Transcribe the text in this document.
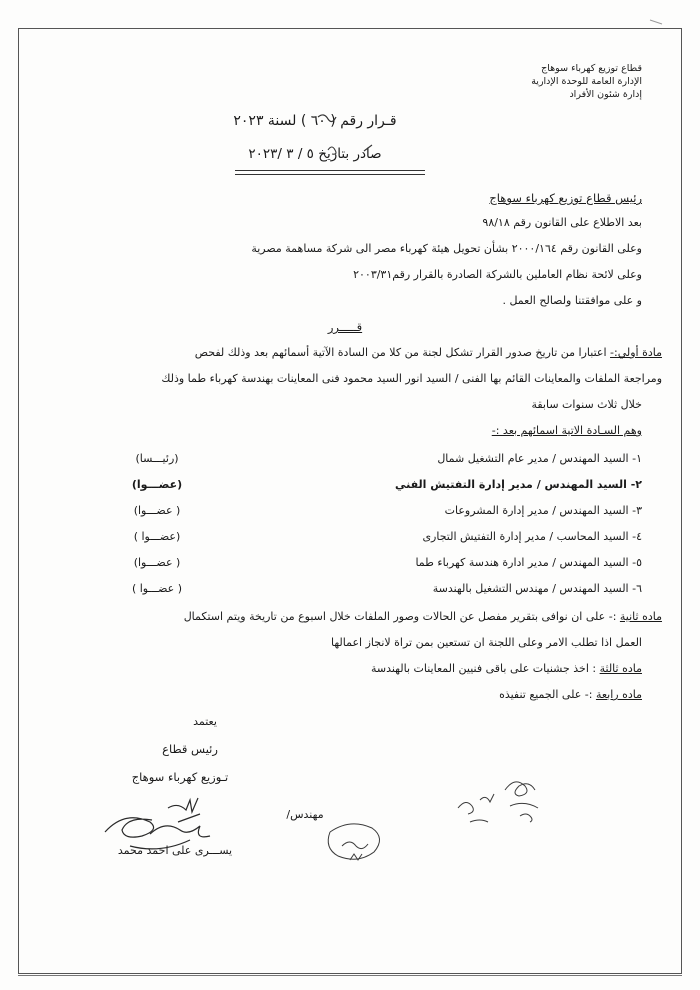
قطاع توزيع كهرباء سوهاج
الإدارة العامة للوحدة الإدارية
إدارة شئون الأفراد
قـرار رقم ( ٦٠ ) لسنة ٢٠٢٣
صادر بتاريخ ٥ / ٣ /٢٠٢٣
رئيس قطاع توزيع كهرباء سوهاج
بعد الاطلاع على القانون رقم ٩٨/١٨
وعلى القانون رقم ٢٠٠٠/١٦٤ بشأن تحويل هيئة كهرباء مصر الى شركة مساهمة مصرية
وعلى لائحة نظام العاملين بالشركة الصادرة بالقرار رقم٢٠٠٣/٣١
و على موافقتنا ولصالح العمل .
قـــــرر
مادة أولي:- اعتبارا من تاريخ صدور القرار تشكل لجنة من كلا من السادة الآتية أسمائهم بعد وذلك لفحص
ومراجعة الملفات والمعاينات القائم بها الفنى / السيد انور السيد محمود فنى المعاينات بهندسة كهرباء طما وذلك
خلال ثلاث سنوات سابقة
وهم السـادة الاتية اسمائهم بعد :-
١- السيد المهندس / مدير عام التشغيل شمال
(رئيـــسا)
٢- السيد المهندس / مدير إدارة التفتيش الفني
(عضـــوا)
٣- السيد المهندس / مدير إدارة المشروعات
( عضـــوا)
٤- السيد المحاسب / مدير إدارة التفتيش التجارى
(عضـــوا )
٥- السيد المهندس / مدير ادارة هندسة كهرباء طما
( عضـــوا)
٦- السيد المهندس / مهندس التشغيل بالهندسة
( عضـــوا )
ماده ثانية :- على ان نوافى بتقرير مفصل عن الحالات وصور الملفات خلال اسبوع من تاريخة ويتم استكمال
العمل اذا تطلب الامر وعلى اللجنة ان تستعين بمن تراة لانجاز اعمالها
ماده ثالثة : اخذ جشنيات على باقى فنيين المعاينات بالهندسة
ماده رابعة :- على الجميع تنفيذه
يعتمد
رئيس قطاع
تـوزيع كهرباء سوهاج
مهندس/
يســـرى على احمد محمد
